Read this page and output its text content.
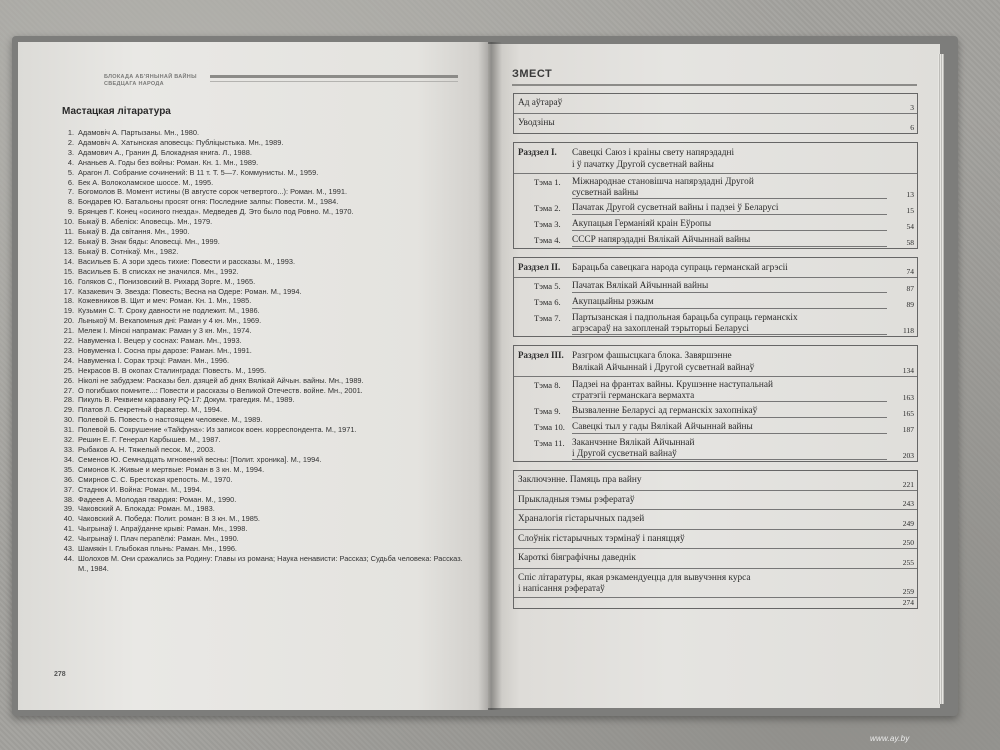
БЛОКАДА АБ'ЯНЫНАЙ ВАЙНЫ
СВЕДЦАГА НАРОДА
Мастацкая літаратура
1. Адамовіч А. Партызаны. Мн., 1980.
2. Адамовіч А. Хатынская аповесць: Публіцыстыка. Мн., 1989.
3. Адамович А., Гранин Д. Блокадная книга. Л., 1988.
4. Ананьев А. Годы без войны: Роман. Кн. 1. Мн., 1989.
5. Арагон Л. Собрание сочинений: В 11 т. Т. 5—7. Коммунисты. М., 1959.
6. Бек А. Волоколамское шоссе. М., 1995.
7. Богомолов В. Момент истины (В августе сорок четвертого...): Роман. М., 1991.
8. Бондарев Ю. Батальоны просят огня: Последние залпы: Повести. М., 1984.
9. Брянцев Г. Конец «осиного гнезда». Медведев Д. Это было под Ровно. М., 1970.
10. Быкаў В. Абеліск: Аповесць. Мн., 1979.
11. Быкаў В. Да світання. Мн., 1990.
12. Быкаў В. Знак бяды: Аповесці. Мн., 1999.
13. Быкаў В. Сотнікаў. Мн., 1982.
14. Васильев Б. А зори здесь тихие: Повести и рассказы. М., 1993.
15. Васильев Б. В списках не значился. Мн., 1992.
16. Голяков С., Понизовский В. Рихард Зорге. М., 1965.
17. Казакевич Э. Звезда: Повесть; Весна на Одере: Роман. М., 1994.
18. Кожевников В. Щит и меч: Роман. Кн. 1. Мн., 1985.
19. Кузьмин С. Т. Сроку давности не подлежит. М., 1986.
20. Лынькоў М. Векапомныя дні: Раман у 4 кн. Мн., 1969.
21. Мележ І. Мінскі напрамак: Раман у 3 кн. Мн., 1974.
22. Навуменка І. Вецер у соснах: Раман. Мн., 1993.
23. Новуменка І. Сосна пры дарозе: Раман. Мн., 1991.
24. Навуменка І. Сорак трэці: Раман. Мн., 1996.
25. Некрасов В. В окопах Сталинграда: Повесть. М., 1995.
26. Ніколі не забудзем: Расказы бел. дзяцей аб днях Вялікай Айчын. вайны. Мн., 1989.
27. О погибших помните...: Повести и рассказы о Великой Отечеств. войне. Мн., 2001.
28. Пикуль В. Реквием каравану PQ-17: Докум. трагедия. М., 1989.
29. Платов Л. Секретный фарватер. М., 1994.
30. Полевой Б. Повесть о настоящем человеке. М., 1989.
31. Полевой Б. Сокрушение «Тайфуна»: Из записок воен. корреспондента. М., 1971.
32. Решин Е. Г. Генерал Карбышев. М., 1987.
33. Рыбаков А. Н. Тяжелый песок. М., 2003.
34. Семенов Ю. Семнадцать мгновений весны: [Полит. хроника]. М., 1994.
35. Симонов К. Живые и мертвые: Роман в 3 кн. М., 1994.
36. Смирнов С. С. Брестская крепость. М., 1970.
37. Стаднюк И. Война: Роман. М., 1994.
38. Фадеев А. Молодая гвардия: Роман. М., 1990.
39. Чаковский А. Блокада: Роман. М., 1983.
40. Чаковский А. Победа: Полит. роман: В 3 кн. М., 1985.
41. Чыгрынаў І. Апраўданне крыві: Раман. Мн., 1998.
42. Чыгрынаў І. Плач перапёлкі: Раман. Мн., 1990.
43. Шамякін І. Глыбокая плынь: Раман. Мн., 1996.
44. Шолохов М. Они сражались за Родину: Главы из романа; Наука ненависти: Рассказ; Судьба человека: Рассказ. М., 1984.
278
ЗМЕСТ
Ад аўтараў	3
Уводзіны	6
Раздзел І. Савецкі Саюз і краіны свету напярэдадні
і ў пачатку Другой сусветнай вайны
Тэма 1. Міжнароднае становішча напярэдадні Другой
сусветнай вайны	13
Тэма 2. Пачатак Другой сусветнай вайны і падзеі ў Беларусі	15
Тэма 3. Акупацыя Германіяй краін Еўропы	54
Тэма 4. СССР напярэдадні Вялікай Айчыннай вайны	58
Раздзел ІІ. Барацьба савецкага народа супраць германскай агрэсіі	74
Тэма 5. Пачатак Вялікай Айчыннай вайны	87
Тэма 6. Акупацыйны рэжым	89
Тэма 7. Партызанская і падпольная барацьба супраць германскіх
агрэсараў на захопленай тэрыторыі Беларусі	118
Раздзел ІІІ. Разгром фашысцкага блока. Завяршэнне
Вялікай Айчыннай і Другой сусветнай вайнаў	134
Тэма 8. Падзеі на франтах вайны. Крушэнне наступальнай
стратэгіі германскага вермахта	163
Тэма 9. Вызваленне Беларусі ад германскіх захопнікаў	165
Тэма 10. Савецкі тыл у гады Вялікай Айчыннай вайны	187
Тэма 11. Заканчэнне Вялікай Айчыннай
і Другой сусветнай вайнаў	203
Заключэнне. Памяць пра вайну	221
Прыкладныя тэмы рэфератаў	243
Храналогія гістарычных падзей	249
Слоўнік гістарычных тэрмінаў і паняццяў	250
Кароткі біяграфічны даведнік	255
Спіс літаратуры, якая рэкамендуецца для вывучэння курса
і напісання рэфератаў	259
274
www.ay.by
